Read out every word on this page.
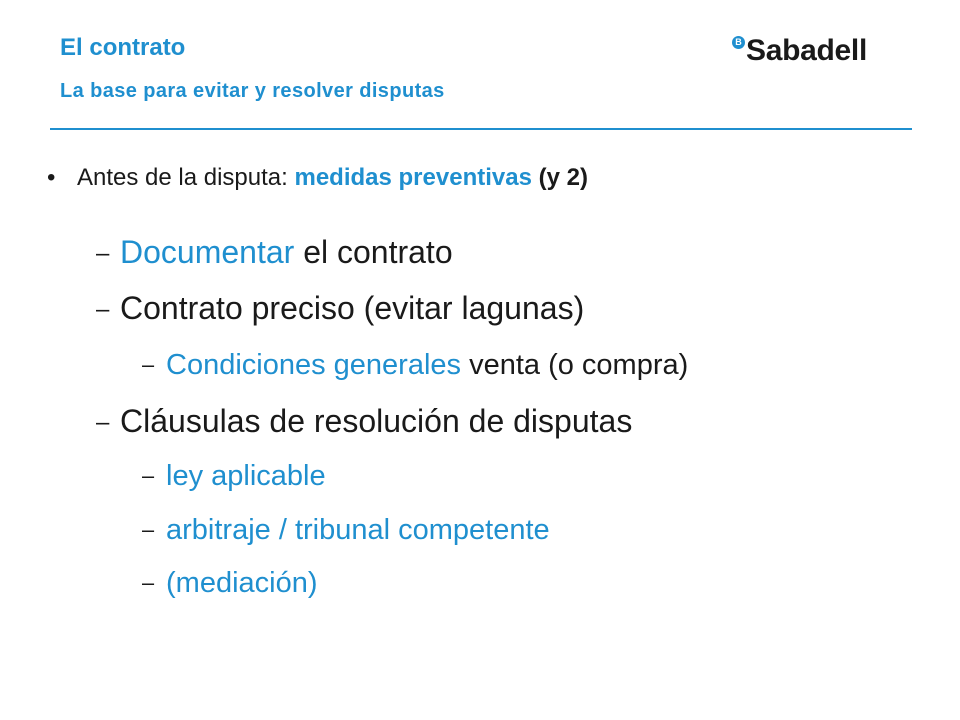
El contrato
La base para evitar y resolver disputas
B Sabadell
• Antes de la disputa: medidas preventivas (y 2)
– Documentar el contrato
– Contrato preciso (evitar lagunas)
– Condiciones generales venta (o compra)
– Cláusulas de resolución de disputas
– ley aplicable
– arbitraje / tribunal competente
– (mediación)
